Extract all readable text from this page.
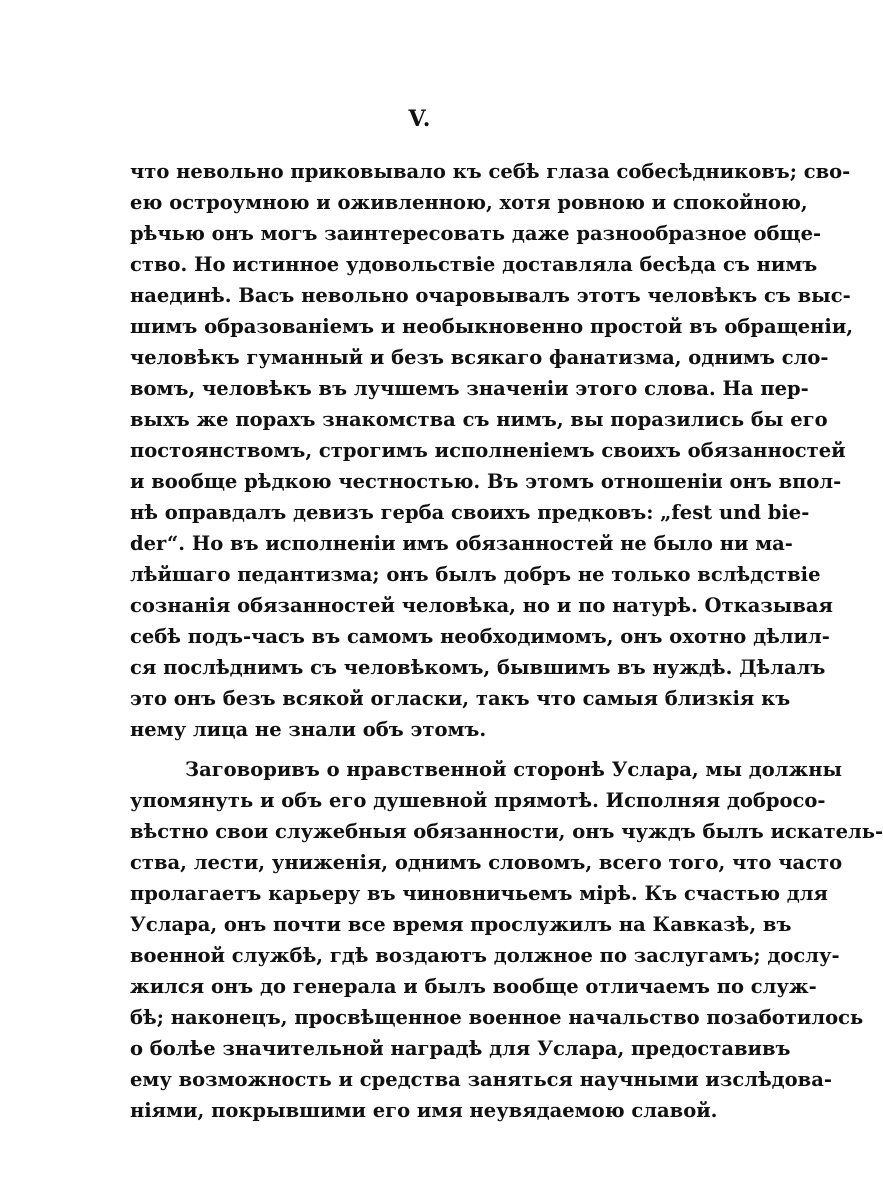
V.
что невольно приковывало къ себѣ глаза собесѣдниковъ; сво-
ею остроумною и оживленною, хотя ровною и спокойною,
рѣчью онъ могъ заинтересовать даже разнообразное обще-
ство. Но истинное удовольствіе доставляла бесѣда съ нимъ
наединѣ. Васъ невольно очаровывалъ этотъ человѣкъ съ выс-
шимъ образованіемъ и необыкновенно простой въ обращеніи,
человѣкъ гуманный и безъ всякаго фанатизма, однимъ сло-
вомъ, человѣкъ въ лучшемъ значеніи этого слова. На пер-
выхъ же порахъ знакомства съ нимъ, вы поразились бы его
постоянствомъ, строгимъ исполненіемъ своихъ обязанностей
и вообще рѣдкою честностью. Въ этомъ отношеніи онъ впол-
нѣ оправдалъ девизъ герба своихъ предковъ: „fest und bie-
der“. Но въ исполненіи имъ обязанностей не было ни ма-
лѣйшаго педантизма; онъ былъ добръ не только вслѣдствіе
сознанія обязанностей человѣка, но и по натурѣ. Отказывая
себѣ подъ-часъ въ самомъ необходимомъ, онъ охотно дѣлил-
ся послѣднимъ съ человѣкомъ, бывшимъ въ нуждѣ. Дѣлалъ
это онъ безъ всякой огласки, такъ что самыя близкія къ
нему лица не знали объ этомъ.
Заговоривъ о нравственной сторонѣ Услара, мы должны
упомянуть и объ его душевной прямотѣ. Исполняя добросо-
вѣстно свои служебныя обязанности, онъ чуждъ былъ искатель-
ства, лести, униженія, однимъ словомъ, всего того, что часто
пролагаетъ карьеру въ чиновничьемъ мірѣ. Къ счастью для
Услара, онъ почти все время прослужилъ на Кавказѣ, въ
военной службѣ, гдѣ воздаютъ должное по заслугамъ; дослу-
жился онъ до генерала и былъ вообще отличаемъ по служ-
бѣ; наконецъ, просвѣщенное военное начальство позаботилось
о болѣе значительной наградѣ для Услара, предоставивъ
ему возможность и средства заняться научными изслѣдова-
ніями, покрывшими его имя неувядаемою славой.
